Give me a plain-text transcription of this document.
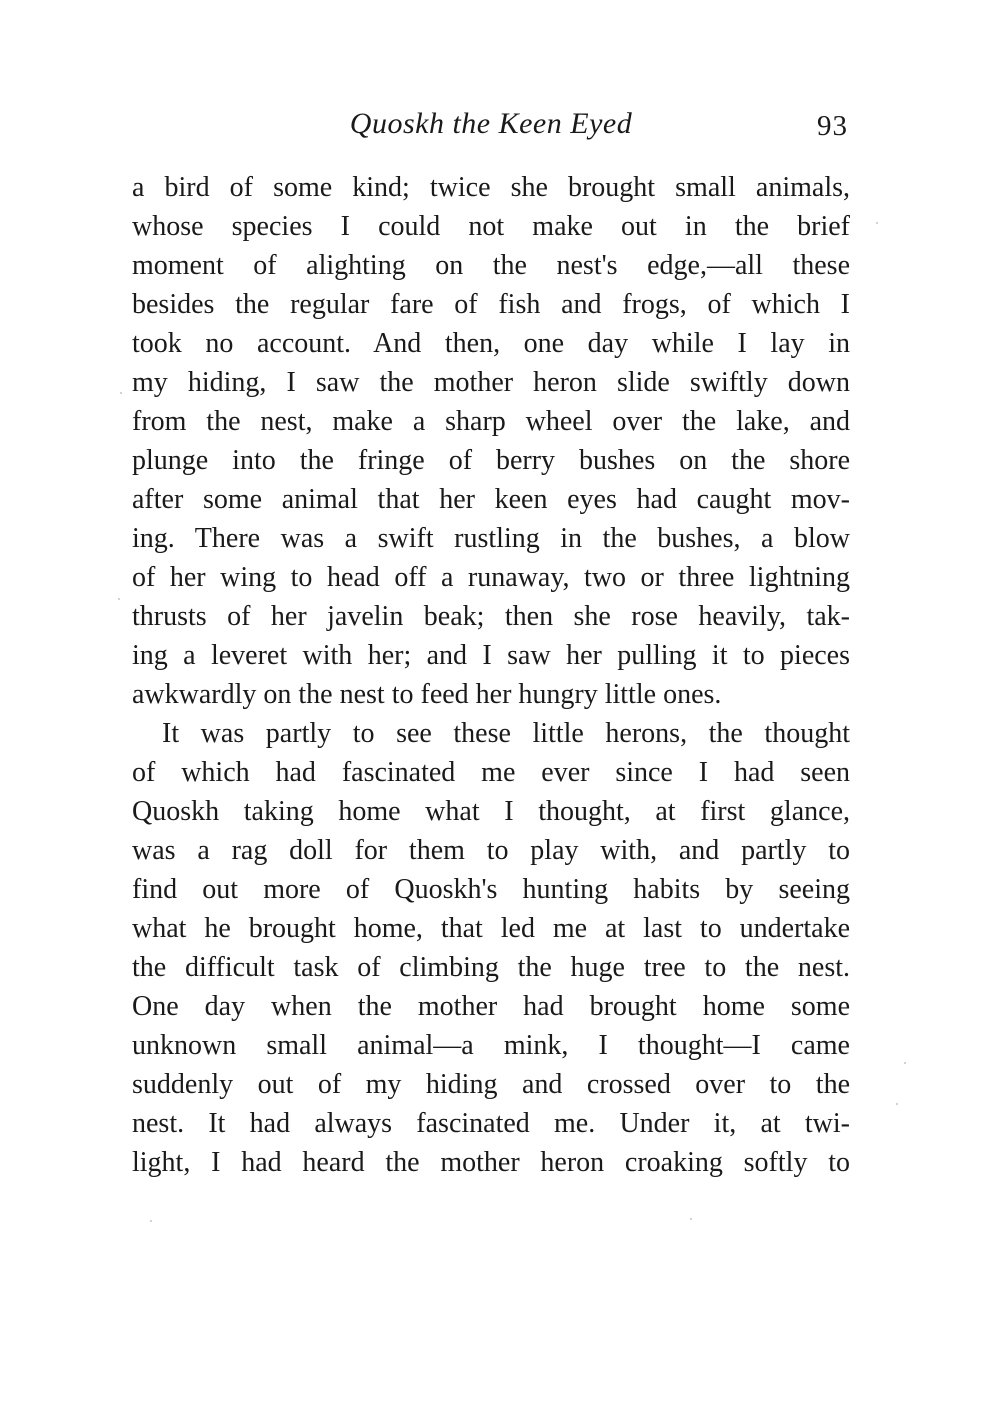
Quoskh the Keen Eyed	93
a bird of some kind; twice she brought small animals,
whose species I could not make out in the brief
moment of alighting on the nest's edge,—all these
besides the regular fare of fish and frogs, of which I
took no account. And then, one day while I lay in
my hiding, I saw the mother heron slide swiftly down
from the nest, make a sharp wheel over the lake, and
plunge into the fringe of berry bushes on the shore
after some animal that her keen eyes had caught mov-
ing. There was a swift rustling in the bushes, a blow
of her wing to head off a runaway, two or three lightning
thrusts of her javelin beak; then she rose heavily, tak-
ing a leveret with her; and I saw her pulling it to pieces
awkwardly on the nest to feed her hungry little ones.
It was partly to see these little herons, the thought
of which had fascinated me ever since I had seen
Quoskh taking home what I thought, at first glance,
was a rag doll for them to play with, and partly to
find out more of Quoskh's hunting habits by seeing
what he brought home, that led me at last to undertake
the difficult task of climbing the huge tree to the nest.
One day when the mother had brought home some
unknown small animal—a mink, I thought—I came
suddenly out of my hiding and crossed over to the
nest. It had always fascinated me. Under it, at twi-
light, I had heard the mother heron croaking softly to
